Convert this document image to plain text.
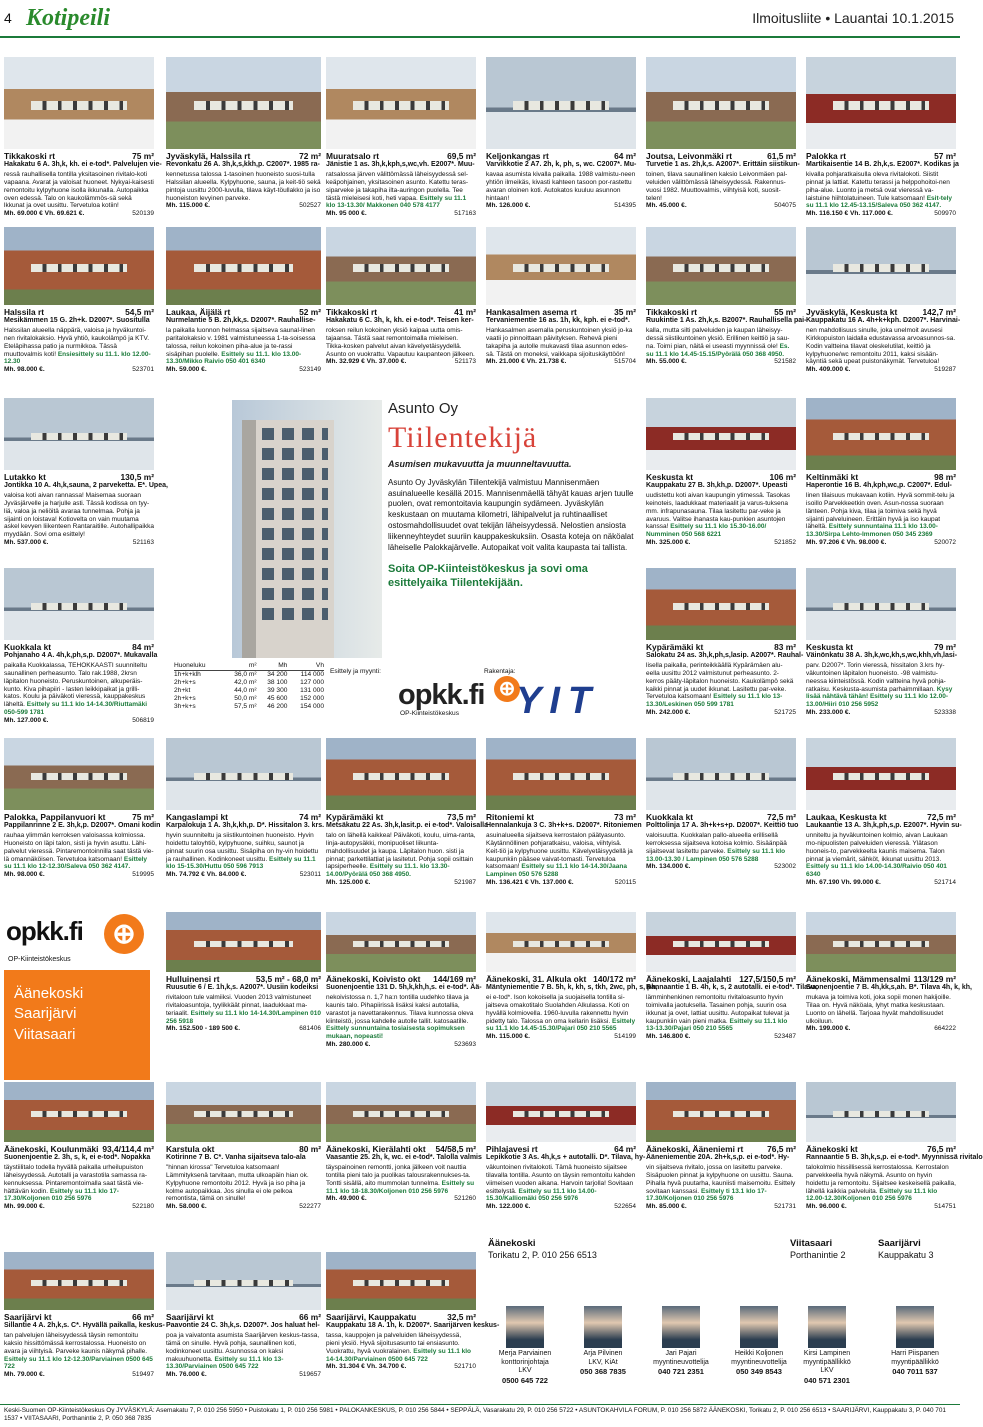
4 Kotipeili	Ilmoitusliite • Lauantai 10.1.2015
Tikkakoski rt	75 m²
Hakakatu 6 A. 3h,k, kh. ei e-tod*. Palvelujen vie-
ressä rauhallisella tontilla yksitasoinen rivitalo-koti vapaana. Avarat ja valoisat huoneet. Nykyai-kaisesti remontoitu kylpyhuone isolla ikkunalla. Autopaikka oven edessä. Talo on kaukolämmös-sä sekä lkkunat ja ovet uusittu. Tervetuloa kotiin!
Mh. 69.000 € Vh. 69.621 €.	520139
Jyväskylä, Halssila rt	72 m²
Revonkatu 26 A. 3h,k,s,kkh,p. C2007*. 1985 ra-
kennetussa talossa 1-tasoinen huoneisto suosi-tulla Halssilan alueella. Kylpyhuone, sauna, ja keit-tiö sekä pintoja uusittu 2000-luvulla, tilava käyt-töullakko ja iso huoneiston levyinen parveke.
Mh. 115.000 €.	502527
Muuratsalo rt	69,5 m²
Jänistie 1 as. 3h,k,kph,s,wc,vh. E2007*. Muu-
ratsalossa järven välittömässä läheisyydessä sel-keäpohjainen, yksitasoinen asunto. Katettu teras-siparveke ja takapiha ilta-auringon puolella. Tee tästä mieleisesi koti, heti vapaa. Esittely su 11.1 klo 13-13.30/ Makkonen 040 578 4177
Mh. 95 000 €.	517163
Keljonkangas rt	64 m²
Varvikkotie 2 A7. 2h, k, ph, s, wc. C2007*. Mu-
kavaa asumista kivalla paikalla. 1988 valmistu-neen yhtiön ilmeikäs, kivasti kahteen tasoon por-rastettu avaran oloinen koti. Autokatos kuuluu asunnon hintaan!
Mh. 126.000 €.	514395
Joutsa, Leivonmäki rt	61,5 m²
Turvetie 1 as. 2h,k,s. A2007*. Erittäin siistikun-
toinen, tilava saunallinen kaksio Leivonmäen pal-veluiden välittömässä läheisyydessä. Rakennus-vuosi 1982. Muuttovalmis, viihtyisä koti, suosit-telen!
Mh. 45.000 €.	504075
Palokka rt	57 m²
Martikaisentie 14 B. 2h,k,s. E2007*. Kodikas ja
kivalla pohjaratkaisulla oleva rivitalokoti. Siistit pinnat ja lattiat. Katettu terassi ja helppohoitoi-nen piha-alue. Luonto ja metsä ovat vieressä va-laistuine hiihtolatuineen. Tule katsomaan! Esit-tely su 11.1 klo 12.45-13.15/Saleva 050 362 4147.
Mh. 116.150 € Vh. 117.000 €.	509970
Halssila rt	54,5 m²
Mesikämmen 15 G. 2h+k. D2007*. Suositulla
Halssilan alueella näppärä, valoisa ja hyväkuntoi-nen rivitalokaksio. Hyvä yhtiö, kaukolämpö ja KTV. Eteläpihassa patio ja nurmikkoa. Tässä muuttovalmis koti! Ensiesittely su 11.1. klo 12.00-12.30
Mh. 98.000 €.	523701
Laukaa, Äijälä rt	52 m²
Nurmelantie 5 B. 2h,kk,s. D2007*. Rauhallise-
la paikalla luonnon helmassa sijaitseva saunal-linen paritalokaksio v. 1981 valmistuneessa 1-ta-soisessa talossa, reilun kokoinen piha-alue ja te-rassi sisäpihan puolelle. Esittely su 11.1. klo 13.00-13.30/Mikko Raivio 050 401 6340
Mh. 59.000 €.	523149
Tikkakoski rt	41 m²
Hakakatu 6 C. 3h, k, kh. ei e-tod*. Teisen ker-
roksen reilun kokoinen yksiö kaipaa uutta omis-tajaansa. Tästä saat remontoimalla mieleisen. Tikka-kosken palvelut aivan kävelyetäisyydellä. Asunto on vuokrattu. Vapautuu kaupanteon jälkeen.
Mh. 32.929 € Vh. 37.000 €.	521173
Hankasalmen asema rt	35 m²
Tervaniementie 16 as. 1h, kk, kph. ei e-tod*.
Hankasalmen asemalla peruskuntoinen yksiö jo-ka vaatii jo pinnoittaan päivityksen. Rehevä pieni takapiha ja autolle mukavasti tilaa asunnon edes-sä. Tästä on moneksi, vaikkapa sijoituskäyttöön!
Mh. 21.000 € Vh. 21.738 €.	515704
Tikkakoski rt	55 m²
Ruukintie 1 As. 2h,k,s. B2007*. Rauhallisella pai-
kalla, mutta silti palveluiden ja kaupan läheisyy-dessä siistikuntoinen yksiö. Erillinen keittiö ja sau-na. Toimi pian, näitä ei useasti myynnissä ole! Es. su 11.1 klo 14.45-15.15/Pyörälä 050 368 4950.
Mh. 55.000 €.	521582
Jyväskylä, Keskusta kt	142,7 m²
Kauppakatu 16 A. 4h+k+kph. D2007*. Harvinai-
nen mahdollisuus sinulle, joka unelmoit avusesi Kirkkopuiston laidalla edustavassa arvoasunnos-sa. Kodin valtteina tilavat oleskelutilat, keittiö ja kylpyhuone/wc remontoitu 2011, kaksi sisään-käyntiä sekä upeat puistonäkymät. Tervetuloa!
Mh. 409.000 €.	519287
Lutakko kt	130,5 m²
Jontikka 10 A. 4h,k,sauna, 2 parveketta. E*. Upea,
valoisa koti aivan rannassa! Maisemaa suoraan Jyväsjärvelle ja harjulle asti. Tässä kodissa on tyy-liä, valoa ja neliöitä avaraa tunnelmaa. Pohja ja sijainti on loistava! Kotiovelta on vain muutama askel kevyen liikenteen Rantaraitille. Autohallipaikka myydään. Sovi oma esittely!
Mh. 537.000 €.	521163
Keskusta kt	106 m²
Kauppakatu 27 B. 3h,kh,p. D2007*. Upeasti
uudistettu koti aivan kaupungin ytimessä. Tasokas keinoteis, laadukkaat materiaalit ja varus-tuksena mm. infrapunasauna. Tilaa lasitettu par-veke ja avaruus. Valitse ihanasta kau-punkien asuntojen kanssa! Esittely su 11.1 klo 15.30-16.00/ Numminen 050 568 6221
Mh. 325.000 €.	521852
Keltinmäki kt	98 m²
Haperontie 16 B. 4h,kph,wc,p. C2007*. Edul-
linen tilaisuus mukavaan kotiin. Hyvä sommit-telu ja isoillo Parvekkeetkin oven. Asun-nossa suoraan länteen. Pohja kiva, tilaa ja toimiva sekä hyvä sijainti palveluineen. Erittäin hyvä ja iso kaupat läheltä. Esittely sunnuntaina 11.1 klo 13.00-13.30/Sirpa Lehto-Immonen 050 345 2369
Mh. 97.206 € Vh. 98.000 €.	520072
Kuokkala kt	84 m²
Pohjanaho 4 A. 4h,k,ph,s,p. D2007*. Mukavalla
paikalla Kuokkalassa, TEHOKKAASTI suunniteltu saunallinen perheasunto. Talo rak.1988, 2krsn läpitalon huoneisto. Peruskuntoinen, alkuperäis-kunto. Kiva pihapiiri - lasten leikkipaikat ja grilli-katos. Koulu ja päiväkoti vieressä, kauppakeskus läheltä. Esittely su 11.1 klo 14-14.30/Riuttamäki 050-599 1781
Mh. 127.000 €.	506819
Kypärämäki kt	83 m²
Salokatu 24 as. 3h,k,ph,s,lasip. A2007*. Rauhal-
lisella paikalla, perinteikkäällä Kypärämäen alu-eella uusittu 2012 valmistunut perheasunto. 2-kerros pääty-läpitalon huoneisto. Kaukolämpö sekä kaikki pinnat ja uudet ikkunat. Lasitettu par-veke. Tervetuloa katsomaan! Esittely su 11.1 klo 13-13.30/Leskinen 050 599 1781
Mh. 242.000 €.	521725
Keskusta kt	79 m²
Väinönkatu 38 A. 3h,k,wc,kh,s,wc,khh,vh,lasi-
parv. D2007*. Torin vieressä, hissitalon 3.krs hy-väkuntoinen läpitalon huoneisto. -98 valmistu-neessa kiinteistössä. Kodin valtteina hyvä pohja-ratkaisu. Keskusta-asumista parhaimmillaan. Kysy lisää nähtävä tähän! Esittely su 11.1 klo 12.00-13.00/Hiiri 010 256 5952
Mh. 233.000 €.	523338
Palokka, Pappilanvuori kt	75 m²
Pappilanrinne 2 E. 3h,k,p. D2007*. Omani kodin
rauhaa ylimmän kerroksen valoisassa kolmiossa. Huoneisto on läpi talon, sisti ja hyvin asuttu. Lähi-palvelut vieressä. Pintaremontoinnilla saat tästä vie-lä omannäköisen. Tervetuloa katsomaan! Esittely su 11.1 klo 12-12.30/Saleva 050 362 4147.
Mh. 98.000 €.	519995
Kangaslampi kt	74 m²
Karpalokuja 1 A. 3h,k,kh,p. D*. Hissitalon 3. krs.
hyvin suunniteltu ja siistikuntoinen huoneisto. Hyvin hoidettu taloyhtiö, kylpyhuone, suihku, saunot ja pinnat suurin osa uusittu. Sisäpiha on hy-vin hoidettu ja rauhallinen. Kodinkoneet uusittu. Esittely su 11.1 klo 15-15.30/Huttu 050 596 7913
Mh. 74.792 € Vh. 84.000 €.	523011
Kypärämäki kt	73,5 m²
Metsäkatu 22 As. 3h,k,lasit.p. ei e-tod*. Valoisalla
talo on lähellä kaikkea! Päiväkoti, koulu, uima-ranta, linja-autopysäkki, monipuoliset liikunta-mahdollisuudet ja kaupa. Läpitalon huon. sisti ja pinnat; parkettilattiat ja lasitetut. Pohja sopii osittain lapsiperheelle. Esittely su 11.1. klo 13.30-14.00/Pyörälä 050 368 4950.
Mh. 125.000 €.	521987
Ritoniemi kt	73 m²
Hennalankuja 3 C. 3h+k+s. D2007*. Ritoniemen
asuinalueella sijaitseva kerrostalon päätyasunto. Käytännöllinen pohjaratkaisu, valoisa, viihtyisä. Keit-tiö ja kylpyhuone uusittu. Kävelyetäisyydellä ja kaupunkiin pääsee vaivat-tomasti. Tervetuloa katsomaan! Esittely su 11.1 klo 14-14.30/Jaana Lampinen 050 576 5288
Mh. 136.421 € Vh. 137.000 €.	520115
Kuokkala kt	72,5 m²
Polttolinja 17 A. 3h+k+s+p. D2007*. Keittiö tuo
valoisuutta. Kuokkalan pallo-alueella erillisellä kerroksessa sijaitseva kotoisa kolmio. Sisäänpää sijaitsevat lasitettu parveke. Esittely su 11.1 klo 13.00-13.30 / Lampinen 050 576 5288
Mh. 134.000 €.	523002
Laukaa, Keskusta kt	72,5 m²
Laukaantie 13 A. 3h,k,ph,s,p. E2007*. Hyvin su-
unniteltu ja hyväkuntoinen kolmio, aivan Laukaan mo-nipuolisten palveluiden vieressä. Ylätason huoneis-to, parvekkeelta kaunis maisema. Talon pinnat ja viemärit, sähköt, ikkunat uusittu 2013. Esittely su 11.1 klo 14.00-14.30/Raivio 050 401 6340
Mh. 67.190 Vh. 99.000 €.	521714
Hulluinensi rt	53,5 m² - 68,0 m²
Ruusutie 6 / E. 1h,k,s. A2007*. Uusiin kodeiksi
rivitaloon tule valmiiksi. Vuoden 2013 valmistuneet rivitaloasuntoja, tyylikkäät pinnat, laadukkaat ma-teriaalit. Esittely su 11.1 klo 14-14.30/Lampinen 010 256 5918
Mh. 152.500 - 189 500 €.	681406
Äänekoski, Koivisto okt 144/169 m²
Suonenjoentie 131 D. 5h,k,kh,h,s. ei e-tod*. Ää-
nekoivistossa n. 1,7 ha:n tontilla uudehko tilava ja kaunis talo. Pihapiirissä lisäksi kaksi autotallia, varastot ja navettarakennus. Tilava kunnossa oleva kiinteistö, jossa kahdelle autolle tallit. katosaatille. Esittely sunnuntaina tosiaisesta sopimuksen mukaan, nopeasti!
Mh. 280.000 €.	523693
Äänekoski, 31. Alkula okt 140/172 m²
Mäntyniementie 7 B. 5h, k, kh, s, tkh, 2wc, ph, s, ph,
ei e-tod*. Ison kokoisella ja suojaisella tontilla si-jaitseva omakotitalo Suolahden Alkulassa. Koti on hyvällä kolmiovella. 1960-luvulla rakennettu hyvin pidetty talo. Talossa on oma kellarin lisäksi. Esittely su 11.1 klo 14.45-15.30/Pajari 050 210 5565
Mh. 115.000 €.	514199
Äänekoski, Laajalahti 127,5/150,5 m²
Rannaantie 1 B. 4h, k, s, 2 autotalli. ei e-tod*. Tilava,
lämminhenkinen remontoitu rivitaloasunto hyvin toimivalla jaotuksella. Tasainen pohja, suurin osa ikkunat ja ovet, lattiat uusittu. Autopaikat tulevat ja kaupunkiin vain pieni matka. Esittely su 11.1 klo 13-13.30/Pajari 050 210 5565
Mh. 146.800 €.	523487
Äänekoski, Mämmensalmi 113/129 m²
Suonenjoentie 7 B. 4h,kk,s,ah. B*. Tilava 4h, k, kh,
mukava ja toimiva koti, joka sopii monen hakijoille. Tilaa on. Hyvä näköala, lyhyt matka keskustaan. Luonto on lähellä. Tarjoaa hyvät mahdollisuudet ulkoiluun.
Mh. 199.000 €.	664222
Äänekoski, Koulunmäki 93,4/114,4 m²
Suonenjoentie 2. 3h, s, k, ei e-tod*. Nopakka
täystiilitalo todella hyvällä paikalla urheilupuiston läheisyydessä. Autotalli ja varastotila samassa ra-kennuksessa. Pintaremontoimalla saat tästä vie-hättävän kodin. Esittely su 11.1 klo 17-17.30/Koljonen 010 256 5976
Mh. 99.000 €.	522180
Karstula okt	80 m²
Kotirinne 7 B. C*. Vanha sijaitseva talo-ala
"hinnan kirossa" Tervetuloa katsomaan! Lämmityksenä tarvitaan, mutta ulkoapäin hian ok. Kylpyhuone remontoitu 2012. Hyvä ja iso piha ja kolme autopaikkaa. Jos sinulla ei ole pelkoa remontista, tämä on sinulle!
Mh. 58.000 €.	522277
Äänekoski, Kierälahti okt 54/58,5 m²
Vaasantie 25. 2h, k, wc. ei e-tod*. Talolla valmis
täyspainoinen remontti, jonka jälkeen voit nauttia tontilla pieni talo ja puolikas talousrakennukses-ta. Tontti sisällä, aito mummolan tunnelma. Esittely su 11.1 klo 18-18.30/Koljonen 010 256 5976
Mh. 49.900 €.	521260
Pihlajavesi rt	64 m²
Lepikkotie 3 As. 4h,k,s + autotalli. D*. Tilava, hy-
väkuntoinen rivitalokoti. Tämä huoneisto sijaitsee tilavalla tontilla. Asunto on täysin remontoitu kahden viimeisen vuoden aikana. Harvoin tarjolla! Sovitaan esittelystä. Esittely su 11.1 klo 14.00-15.30/Kalliomäki 050 256 5976
Mh. 122.000 €.	522654
Äänekoski, Ääneniemi rt	76,5 m²
Ääneniementie 20A. 2h+k,s,p. ei e-tod*. Hy-
vin sijaitseva rivitalo, jossa on lasitettu parveke. Sisäpuolen pinnat ja kylpyhuone on uusittu. Sauna. Pihalla hyvä puutarha, kauniisti maisemoitu. Esittely sovitaan kanssasi. Esittely ti 13.1 klo 17-17.30/Koljonen 010 256 5976
Mh. 85.000 €.	521731
Äänekoski kt	76,5 m²
Rannaantie 5 B. 3h,k,s,p. ei e-tod*. Myynnissä rivitalo
talokolmio hissillisessä kerrostalossa. Kerrostalon parvekkeella hyvä näkymä. Asunto on hyvin hoidettu ja remontoitu. Sijaitsee keskeisellä paikalla, lähellä kaikkia palveluita. Esittely su 11.1 klo 12.00-12.30/Koljonen 010 256 5976
Mh. 96.000 €.	514751
Saarijärvi kt	66 m²
Sillantie 4 A. 2h,k,s. C*. Hyvällä paikalla, keskus-
tan palvelujen läheisyydessä täysin remontoitu kaksio hissittömässä kerrostalossa. Huoneisto on avara ja viihtyisä. Parveke kaunis näkymä pihalle. Esittely su 11.1 klo 12-12.30/Parviainen 0500 645 722
Mh. 79.000 €.	519497
Saarijärvi kt	66 m²
Paavontie 24 C. 3h,k,s. D2007*. Jos haluat hel-
poa ja vaivatonta asumista Saarijärven keskus-tassa, tämä on sinulle. Hyvä pohja, saunallinen koti, kodinkoneet uusittu. Asunnossa on kaksi makuuhuonetta. Esittely su 11.1 klo 13-13.30/Parviainen 0500 645 722
Mh. 76.000 €.	519657
Saarijärvi, Kauppakatu	32,5 m²
Kauppakatu 18 A. 1h, k. D2007*. Saarijärven keskus-
tassa, kauppojen ja palveluiden läheisyydessä, pieni yksiö. Hyvä sijoitusasunto tai ensiasunto. Vuokrattu, hyvä vuokralainen. Esittely su 11.1 klo 14-14.30/Parviainen 0500 645 722
Mh. 31.304 € Vh. 34.700 €.	521710
Asunto Oy
Tiilentekijä
Asumisen mukavuutta ja muunneltavuutta.
Asunto Oy Jyväskylän Tiilentekijä valmistuu Mannisenmäen asuinalueelle kesällä 2015. Mannisenmäellä tähyät kauas arjen tuulle puolen, ovat remontoitavia kaupungin sydämeen. Jyväskylän keskustaan on muutama kilometri, lähipalvelut ja ruhtinaalliset ostosmahdollisuudet ovat tekijän läheisyydessä. Nelostien ansiosta liikenneyhteydet suuriin kauppakeskuksiin. Osasta koteja on näköalat läheiselle Palokkajärvelle. Autopaikat voit valita kaupasta tai tallista.
Soita OP-Kiinteistökeskus ja sovi oma esittelyaika Tiilentekijään.
Huoneluku	m²	Mh	Vh
1h+k+klh	36,0 m²	34 200	114 000
2h+k+s	42,0 m²	38 100	127 000
2h+kt	44,0 m²	39 300	131 000
2h+k+s	50,0 m²	45 600	152 000
3h+k+s	57,5 m²	46 200	154 000
Esittely ja myynti:
opkk.fi ⊕
OP-Kiinteistökeskus
Rakentaja:
YIT
opkk.fi ⊕
OP-Kiinteistökeskus
Äänekoski
Saarijärvi
Viitasaari
Äänekoski
Torikatu 2, P. 010 256 6513
Viitasaari
Porthanintie 2
Saarijärvi
Kauppakatu 3
Merja Parviainen
konttorinjohtaja
LKV
0500 645 722
Arja Pilvinen
LKV, KiAt
050 368 7835
Jari Pajari
myyntineuvottelija
040 721 2351
Heikki Koljonen
myyntineuvottelija
050 349 8543
Kirsi Lampinen
myyntipäällikkö
LKV
040 571 2301
Harri Piispanen
myyntipäällikkö
040 7011 537
Keski-Suomen OP-Kiinteistökeskus Oy JYVÄSKYLÄ: Asemakatu 7, P. 010 256 5950 • Puistokatu 1, P. 010 256 5981 • PALOKANKESKUS, P. 010 256 5844 • SEPPÄLÄ, Vasarakatu 29, P. 010 256 5722 • ASUNTOKAHVILA FORUM, P. 010 256 5872 ÄÄNEKOSKI, Torikatu 2, P. 010 256 6513 • SAARIJÄRVI, Kauppakatu 3, P. 040 701 1537 • VIITASAARI, Porthanintie 2, P. 050 368 7835
